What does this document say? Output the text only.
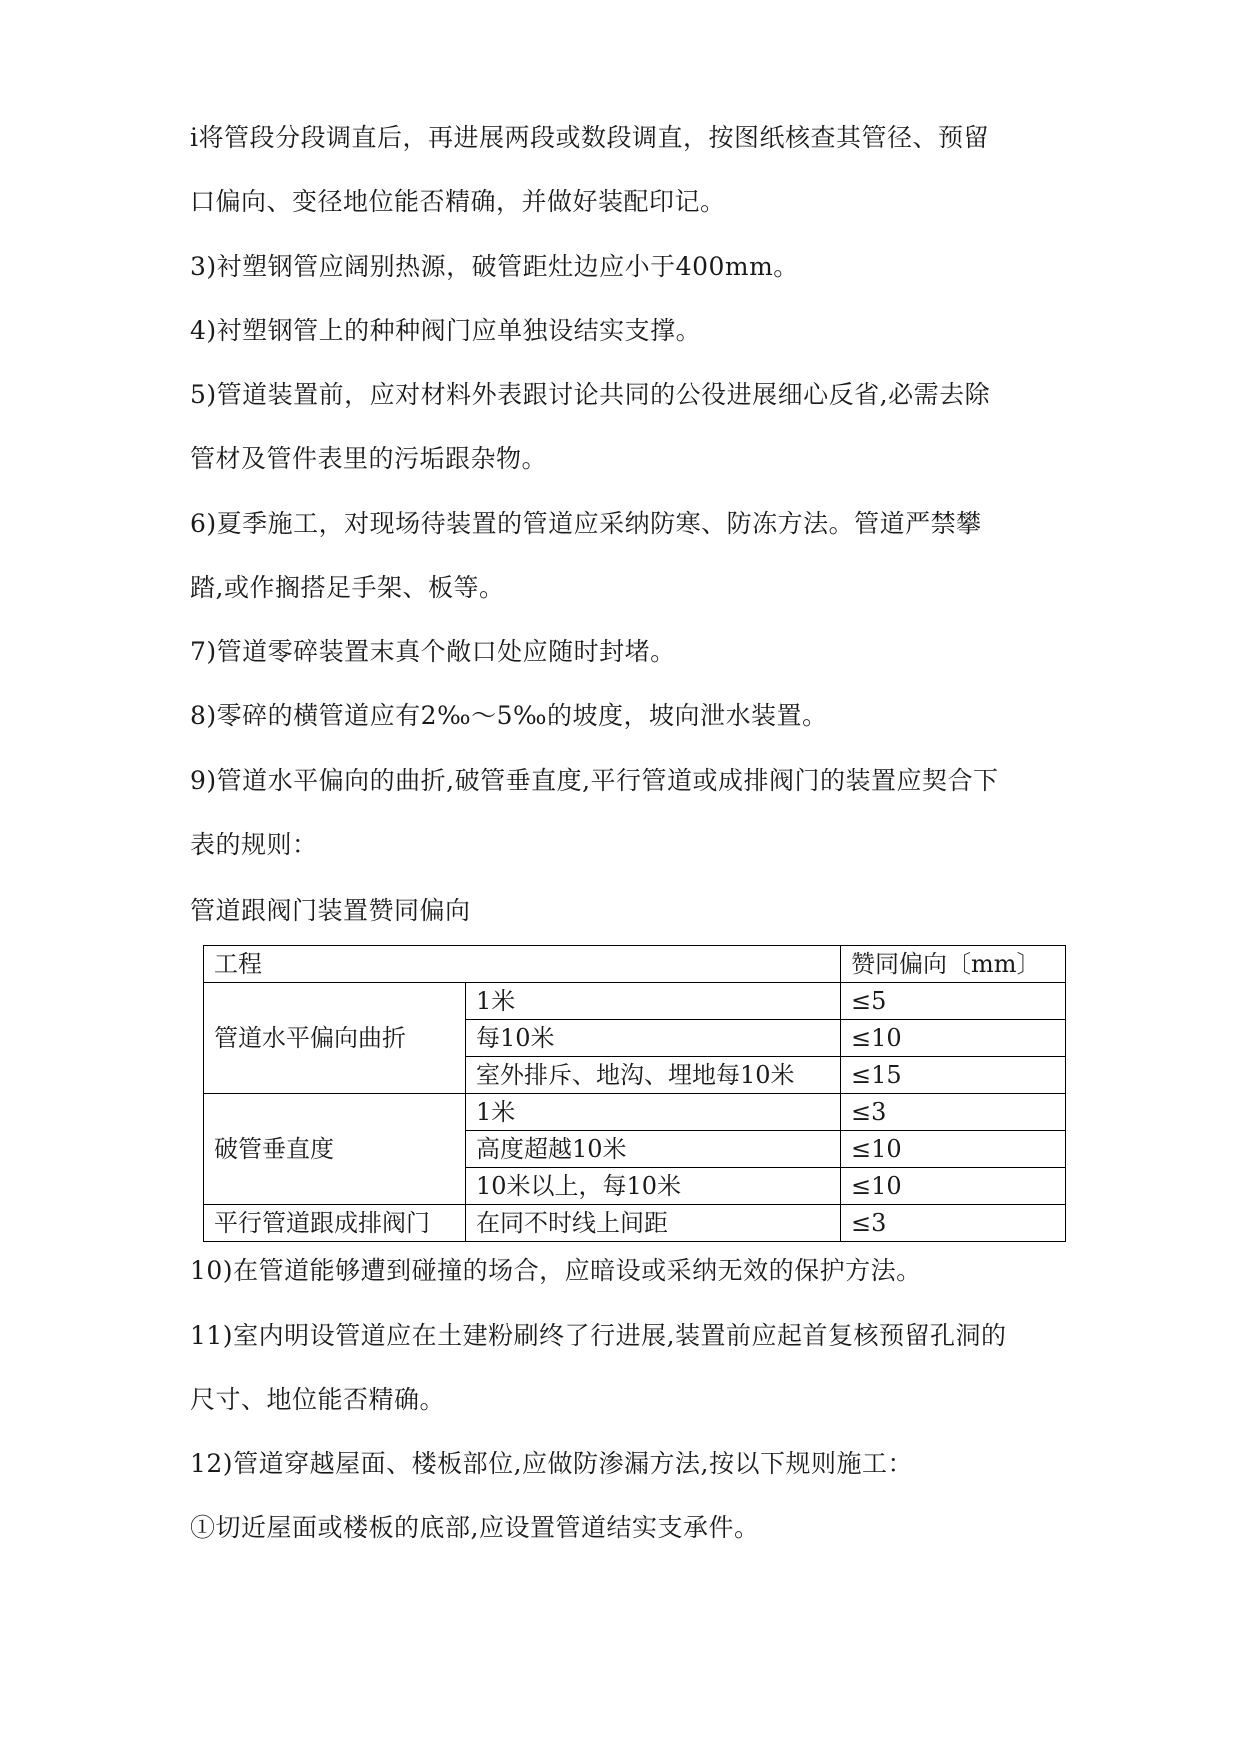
i将管段分段调直后，再进展两段或数段调直，按图纸核查其管径、预留
口偏向、变径地位能否精确，并做好装配印记。
3)衬塑钢管应阔别热源，破管距灶边应小于400mm。
4)衬塑钢管上的种种阀门应单独设结实支撑。
5)管道装置前，应对材料外表跟讨论共同的公役进展细心反省,必需去除
管材及管件表里的污垢跟杂物。
6)夏季施工，对现场待装置的管道应采纳防寒、防冻方法。管道严禁攀
踏,或作搁搭足手架、板等。
7)管道零碎装置末真个敞口处应随时封堵。
8)零碎的横管道应有2‰～5‰的坡度，坡向泄水装置。
9)管道水平偏向的曲折,破管垂直度,平行管道或成排阀门的装置应契合下
表的规则：
管道跟阀门装置赞同偏向
工程		赞同偏向〔mm〕
管道水平偏向曲折	1米	≤5
	每10米	≤10
	室外排斥、地沟、埋地每10米	≤15
破管垂直度	1米	≤3
	高度超越10米	≤10
	10米以上，每10米	≤10
平行管道跟成排阀门	在同不时线上间距	≤3
10)在管道能够遭到碰撞的场合，应暗设或采纳无效的保护方法。
11)室内明设管道应在土建粉刷终了行进展,装置前应起首复核预留孔洞的
尺寸、地位能否精确。
12)管道穿越屋面、楼板部位,应做防渗漏方法,按以下规则施工：
①切近屋面或楼板的底部,应设置管道结实支承件。
